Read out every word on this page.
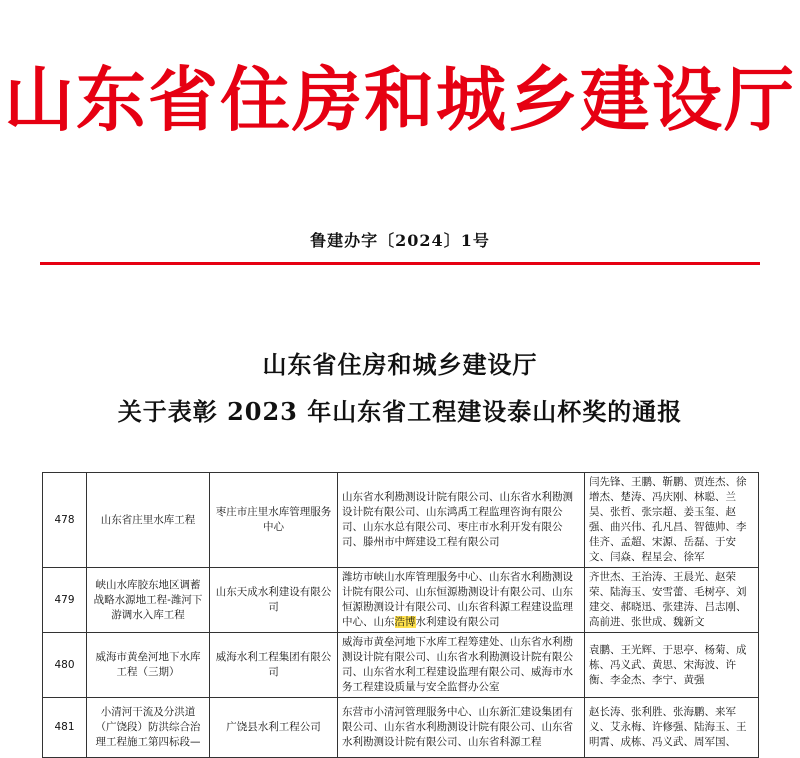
山东省住房和城乡建设厅
鲁建办字〔2024〕1号
山东省住房和城乡建设厅
关于表彰 2023 年山东省工程建设泰山杯奖的通报
478	山东省庄里水库工程	枣庄市庄里水库管理服务中心	山东省水利勘测设计院有限公司、山东省水利勘测设计院有限公司、山东鸿禹工程监理咨询有限公司、山东水总有限公司、枣庄市水利开发有限公司、滕州市中辉建设工程有限公司	闫先锋、王鹏、靳鹏、贾连杰、徐增杰、楚涛、冯庆刚、林聪、兰昊、张哲、张宗超、姜玉玺、赵强、曲兴伟、孔凡昌、智德帅、李佳齐、孟超、宋源、岳磊、于安文、闫焱、程星会、徐军
479	峡山水库胶东地区调蓄战略水源地工程-潍河下游调水入库工程	山东天成水利建设有限公司	潍坊市峡山水库管理服务中心、山东省水利勘测设计院有限公司、山东恒源勘测设计有限公司、山东恒源勘测设计有限公司、山东省科源工程建设监理中心、山东浩博水利建设有限公司	齐世杰、王治涛、王晨光、赵荣荣、陆海玉、安雪蕾、毛树亭、刘建交、郝晓迅、张建涛、吕志刚、高前进、张世成、魏新文
480	威海市黄垒河地下水库工程（三期）	威海水利工程集团有限公司	威海市黄垒河地下水库工程筹建处、山东省水利勘测设计院有限公司、山东省水利勘测设计院有限公司、山东省水利工程建设监理有限公司、威海市水务工程建设质量与安全监督办公室	袁鹏、王光辉、于思亭、杨菊、成栋、冯义武、黄思、宋海波、许衡、李金杰、李宁、黄强
481	小清河干流及分洪道（广饶段）防洪综合治理工程施工第四标段—	广饶县水利工程公司	东营市小清河管理服务中心、山东新汇建设集团有限公司、山东省水利勘测设计院有限公司、山东省水利勘测设计院有限公司、山东省科源工程	赵长涛、张利胜、张海鹏、来军义、艾永梅、许修强、陆海玉、王明霄、成栋、冯义武、周军国、
